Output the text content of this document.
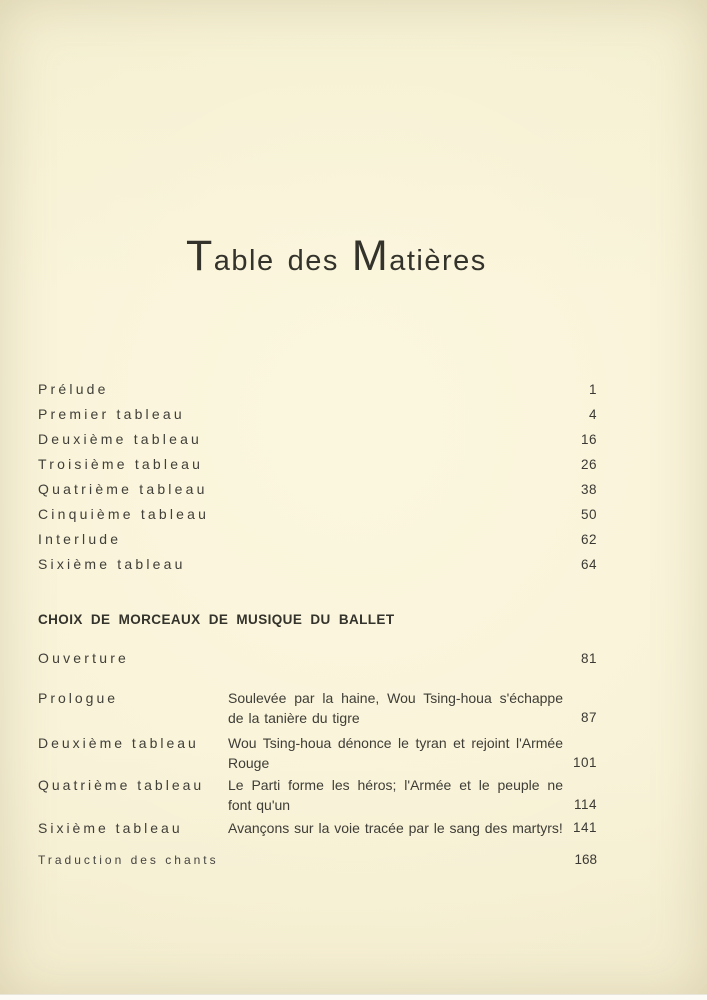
Table des Matières
Prélude	1
Premier tableau	4
Deuxième tableau	16
Troisième tableau	26
Quatrième tableau	38
Cinquième tableau	50
Interlude	62
Sixième tableau	64
CHOIX DE MORCEAUX DE MUSIQUE DU BALLET
Ouverture	81
Prologue	Soulevée par la haine, Wou Tsing-houa s'échappe
de la tanière du tigre	87
Deuxième tableau	Wou Tsing-houa dénonce le tyran et rejoint l'Armée
Rouge	101
Quatrième tableau	Le Parti forme les héros; l'Armée et le peuple ne
font qu'un	114
Sixième tableau	Avançons sur la voie tracée par le sang des martyrs! 141
Traduction des chants	168
